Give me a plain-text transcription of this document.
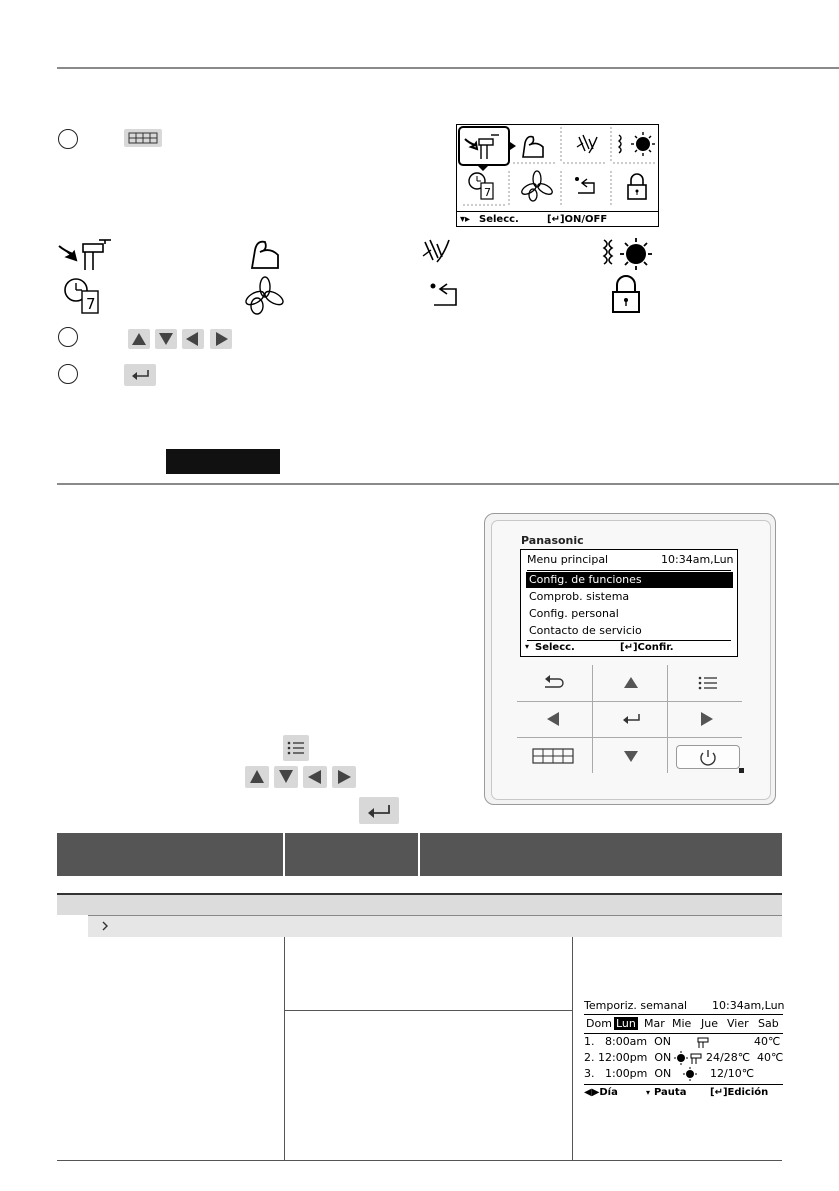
7
▾▸ Selecc.	[↵]ON/OFF
7
Panasonic
Menu principal	10:34am,Lun
Config. de funciones
Comprob. sistema
Config. personal
Contacto de servicio
▾ Selecc.	[↵]Confir.
Temporiz. semanal 10:34am,Lun
Dom Lun Mar Mie Jue Vier Sab
1.   8:00am  ON	40℃
2. 12:00pm  ON	24/28℃  40℃
3.   1:00pm  ON	12/10℃
◀▶Día	▾ Pauta [↵]Edición
